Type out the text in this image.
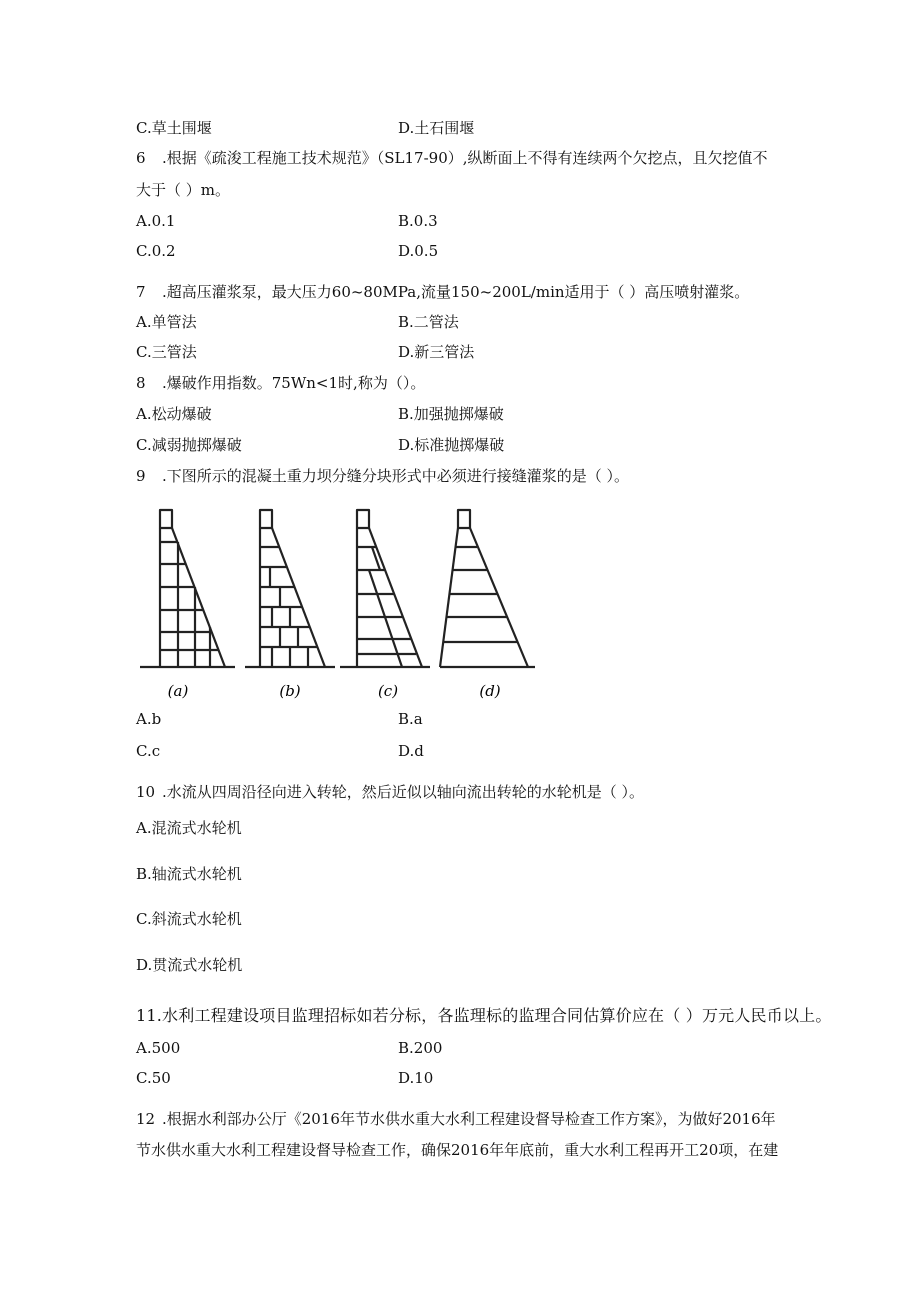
C.草土围堰	D.土石围堰
6 .根据《疏浚工程施工技术规范》（SL17-90）,纵断面上不得有连续两个欠挖点，且欠挖值不
大于（ ）m。
A.0.1	B.0.3
C.0.2	D.0.5
7 .超高压灌浆泵，最大压力60~80MPa,流量150~200L/min适用于（ ）高压喷射灌浆。
A.单管法	B.二管法
C.三管法	D.新三管法
8 .爆破作用指数。75Wn<1时,称为（）。
A.松动爆破	B.加强抛掷爆破
C.减弱抛掷爆破	D.标准抛掷爆破
9 .下图所示的混凝土重力坝分缝分块形式中必须进行接缝灌浆的是（ ）。
(a)	(b)	(c)	(d)
A.b	B.a
C.c	D.d
10 .水流从四周沿径向进入转轮，然后近似以轴向流出转轮的水轮机是（ ）。
A.混流式水轮机
B.轴流式水轮机
C.斜流式水轮机
D.贯流式水轮机
11.水利工程建设项目监理招标如若分标，各监理标的监理合同估算价应在（ ）万元人民币以上。
A.500	B.200
C.50	D.10
12 .根据水利部办公厅《2016年节水供水重大水利工程建设督导检查工作方案》，为做好2016年
节水供水重大水利工程建设督导检查工作，确保2016年年底前，重大水利工程再开工20项，在建
